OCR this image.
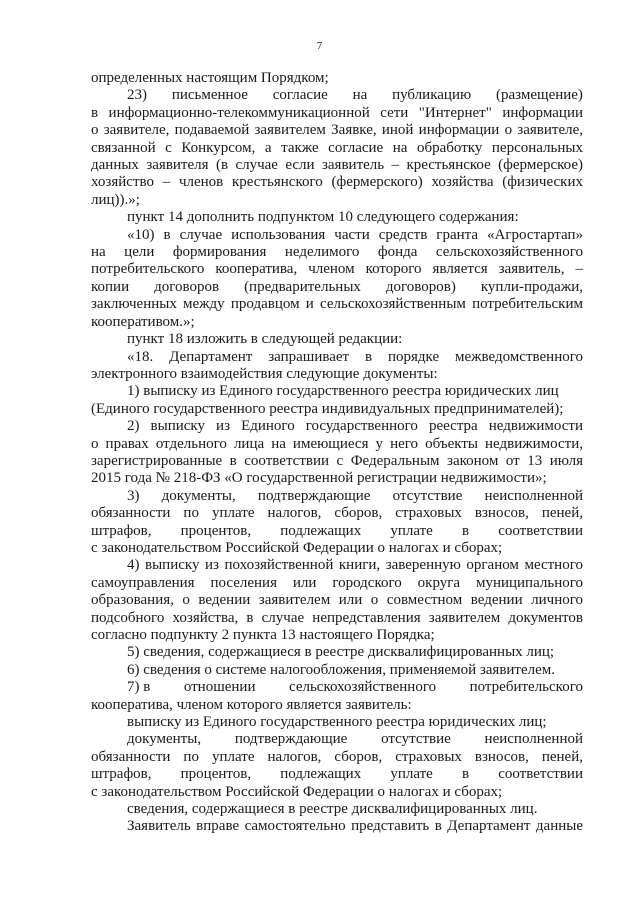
7

определенных настоящим Порядком;

23) письменное согласие на публикацию (размещение)

в информационно-телекоммуникационной сети "Интернет" информации

о заявителе, подаваемой заявителем Заявке, иной информации о заявителе,

связанной с Конкурсом, а также согласие на обработку персональных

данных заявителя (в случае если заявитель – крестьянское (фермерское)

хозяйство – членов крестьянского (фермерского) хозяйства (физических

лиц)).»;

пункт 14 дополнить подпунктом 10 следующего содержания:

«10) в случае использования части средств гранта «Агростартап»

на цели формирования неделимого фонда сельскохозяйственного

потребительского кооператива, членом которого является заявитель, –

копии договоров (предварительных договоров) купли-продажи,

заключенных между продавцом и сельскохозяйственным потребительским

кооперативом.»;

пункт 18 изложить в следующей редакции:

«18. Департамент запрашивает в порядке межведомственного

электронного взаимодействия следующие документы:

1) выписку из Единого государственного реестра юридических лиц

(Единого государственного реестра индивидуальных предпринимателей);

2) выписку из Единого государственного реестра недвижимости

о правах отдельного лица на имеющиеся у него объекты недвижимости,

зарегистрированные в соответствии с Федеральным законом от 13 июля

2015 года № 218-ФЗ «О государственной регистрации недвижимости»;

3) документы, подтверждающие отсутствие неисполненной

обязанности по уплате налогов, сборов, страховых взносов, пеней,

штрафов, процентов, подлежащих уплате в соответствии

с законодательством Российской Федерации о налогах и сборах;

4) выписку из похозяйственной книги, заверенную органом местного

самоуправления поселения или городского округа муниципального

образования, о ведении заявителем или о совместном ведении личного

подсобного хозяйства, в случае непредставления заявителем документов

согласно подпункту 2 пункта 13 настоящего Порядка;

5) сведения, содержащиеся в реестре дисквалифицированных лиц;

6) сведения о системе налогообложения, применяемой заявителем.

7) в отношении сельскохозяйственного потребительского

кооператива, членом которого является заявитель:

выписку из Единого государственного реестра юридических лиц;

документы, подтверждающие отсутствие неисполненной

обязанности по уплате налогов, сборов, страховых взносов, пеней,

штрафов, процентов, подлежащих уплате в соответствии

с законодательством Российской Федерации о налогах и сборах;

сведения, содержащиеся в реестре дисквалифицированных лиц.

Заявитель вправе самостоятельно представить в Департамент данные
